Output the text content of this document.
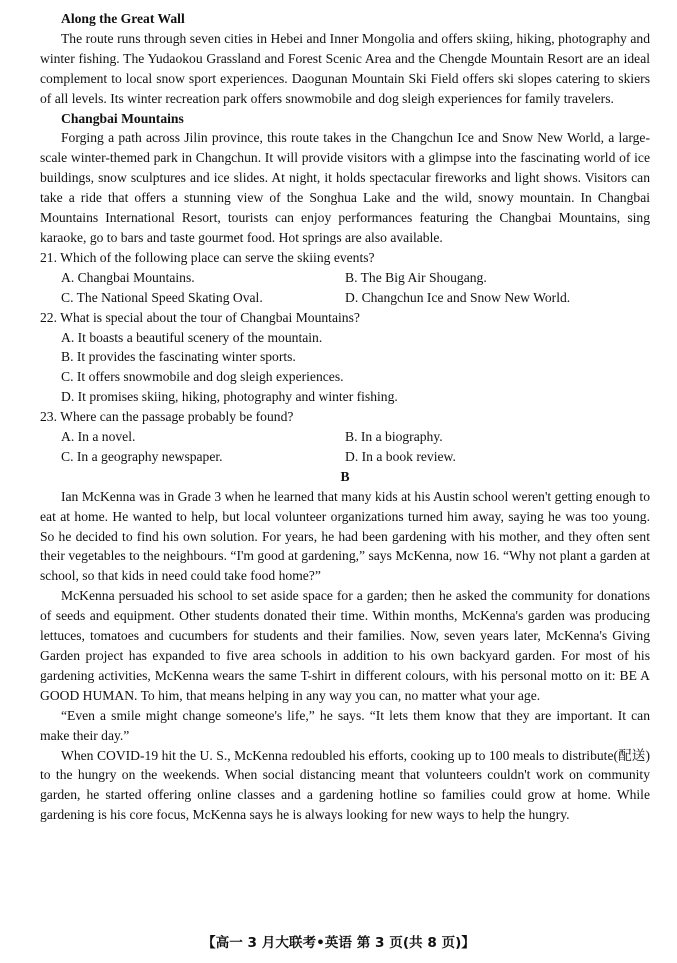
Along the Great Wall

The route runs through seven cities in Hebei and Inner Mongolia and offers skiing, hiking, photography and winter fishing. The Yudaokou Grassland and Forest Scenic Area and the Chengde Mountain Resort are an ideal complement to local snow sport experiences. Daogunan Mountain Ski Field offers ski slopes catering to skiers of all levels. Its winter recreation park offers snowmobile and dog sleigh experiences for family travelers.

Changbai Mountains

Forging a path across Jilin province, this route takes in the Changchun Ice and Snow New World, a large-scale winter-themed park in Changchun. It will provide visitors with a glimpse into the fascinating world of ice buildings, snow sculptures and ice slides. At night, it holds spectacular fireworks and light shows. Visitors can take a ride that offers a stunning view of the Songhua Lake and the wild, snowy mountain. In Changbai Mountains International Resort, tourists can enjoy performances featuring the Changbai Mountains, sing karaoke, go to bars and taste gourmet food. Hot springs are also available.

21. Which of the following place can serve the skiing events?

A. Changbai Mountains.	B. The Big Air Shougang.
C. The National Speed Skating Oval.	D. Changchun Ice and Snow New World.

22. What is special about the tour of Changbai Mountains?

A. It boasts a beautiful scenery of the mountain.

B. It provides the fascinating winter sports.

C. It offers snowmobile and dog sleigh experiences.

D. It promises skiing, hiking, photography and winter fishing.

23. Where can the passage probably be found?

A. In a novel.	B. In a biography.
C. In a geography newspaper.	D. In a book review.
B

Ian McKenna was in Grade 3 when he learned that many kids at his Austin school weren't getting enough to eat at home. He wanted to help, but local volunteer organizations turned him away, saying he was too young. So he decided to find his own solution. For years, he had been gardening with his mother, and they often sent their vegetables to the neighbours. “I'm good at gardening,” says McKenna, now 16. “Why not plant a garden at school, so that kids in need could take food home?”

McKenna persuaded his school to set aside space for a garden; then he asked the community for donations of seeds and equipment. Other students donated their time. Within months, McKenna's garden was producing lettuces, tomatoes and cucumbers for students and their families. Now, seven years later, McKenna's Giving Garden project has expanded to five area schools in addition to his own backyard garden. For most of his gardening activities, McKenna wears the same T-shirt in different colours, with his personal motto on it: BE A GOOD HUMAN. To him, that means helping in any way you can, no matter what your age.

“Even a smile might change someone's life,” he says. “It lets them know that they are important. It can make their day.”

When COVID-19 hit the U. S., McKenna redoubled his efforts, cooking up to 100 meals to distribute(配送) to the hungry on the weekends. When social distancing meant that volunteers couldn't work on community garden, he started offering online classes and a gardening hotline so families could grow at home. While gardening is his core focus, McKenna says he is always looking for new ways to help the hungry.

【高一 3 月大联考•英语 第 3 页(共 8 页)】
